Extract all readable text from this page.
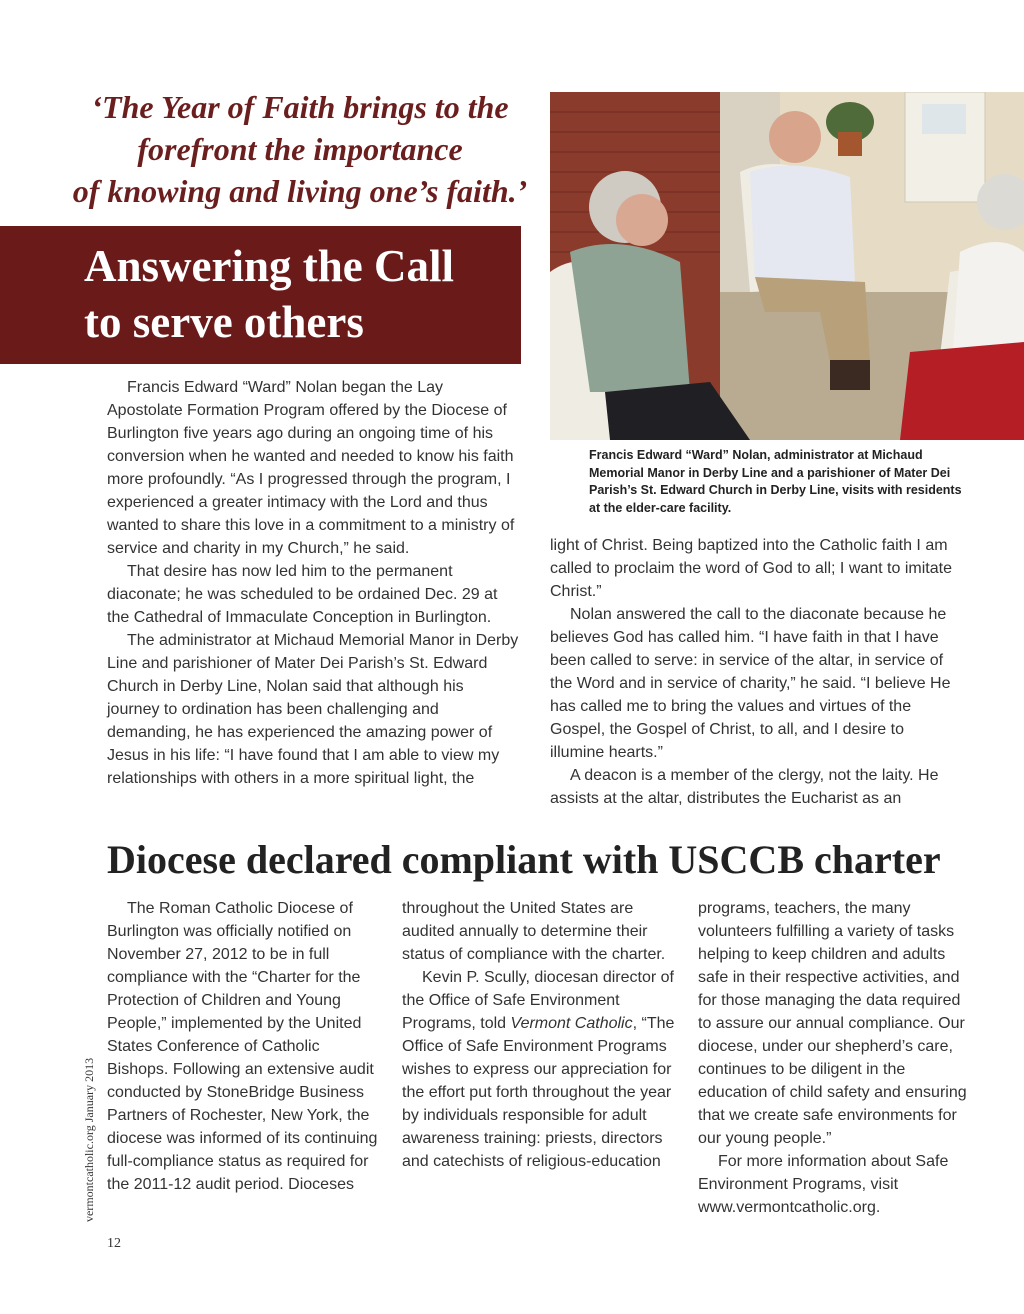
‘The Year of Faith brings to the
forefront the importance
of knowing and living one’s faith.’
Answering the Call
to serve others

Francis Edward “Ward” Nolan, administrator at Michaud Memorial Manor in Derby Line and a parishioner of Mater Dei Parish’s St. Edward Church in Derby Line, visits with residents at the elder-care facility.

Francis Edward “Ward” Nolan began the Lay Apostolate Formation Program offered by the Diocese of Burlington five years ago during an ongoing time of his conversion when he wanted and needed to know his faith more profoundly. “As I progressed through the program, I experienced a greater intimacy with the Lord and thus wanted to share this love in a commitment to a ministry of service and charity in my Church,” he said.

That desire has now led him to the permanent diaconate; he was scheduled to be ordained Dec. 29 at the Cathedral of Immaculate Conception in Burlington.

The administrator at Michaud Memorial Manor in Derby Line and parishioner of Mater Dei Parish’s St. Edward Church in Derby Line, Nolan said that although his journey to ordination has been challenging and demanding, he has experienced the amazing power of Jesus in his life: “I have found that I am able to view my relationships with others in a more spiritual light, the

light of Christ. Being baptized into the Catholic faith I am called to proclaim the word of God to all; I want to imitate Christ.”

Nolan answered the call to the diaconate because he believes God has called him. “I have faith in that I have been called to serve: in service of the altar, in service of the Word and in service of charity,” he said. “I believe He has called me to bring the values and virtues of the Gospel, the Gospel of Christ, to all, and I desire to illumine hearts.”

A deacon is a member of the clergy, not the laity. He assists at the altar, distributes the Eucharist as an

Diocese declared compliant with USCCB charter

The Roman Catholic Diocese of Burlington was officially notified on November 27, 2012 to be in full compliance with the “Charter for the Protection of Children and Young People,” implemented by the United States Conference of Catholic Bishops. Following an extensive audit conducted by StoneBridge Business Partners of Rochester, New York, the diocese was informed of its continuing full-compliance status as required for the 2011-12 audit period. Dioceses

throughout the United States are audited annually to determine their status of compliance with the charter.

Kevin P. Scully, diocesan director of the Office of Safe Environment Programs, told Vermont Catholic, “The Office of Safe Environment Programs wishes to express our appreciation for the effort put forth throughout the year by individuals responsible for adult awareness training: priests, directors and catechists of religious-education

programs, teachers, the many volunteers fulfilling a variety of tasks helping to keep children and adults safe in their respective activities, and for those managing the data required to assure our annual compliance. Our diocese, under our shepherd’s care, continues to be diligent in the education of child safety and ensuring that we create safe environments for our young people.”

For more information about Safe Environment Programs, visit www.vermontcatholic.org.

vermontcatholic.org January 2013
12
